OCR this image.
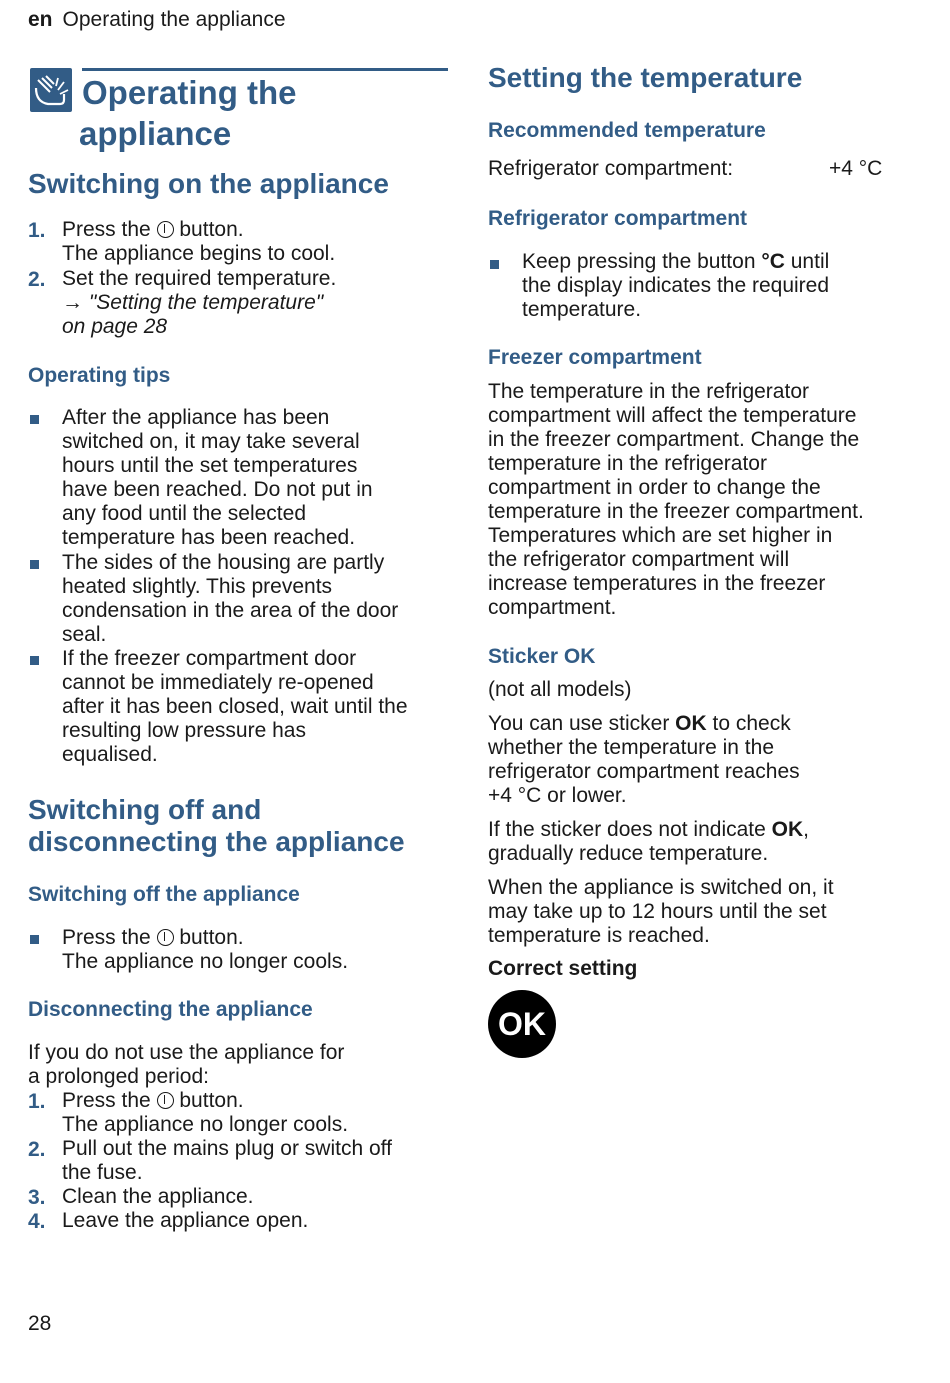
en Operating the appliance
Operating the
appliance
Switching on the appliance
1. Press the  button.
The appliance begins to cool.
2. Set the required temperature.
→ "Setting the temperature"
on page 28
Operating tips
After the appliance has been
switched on, it may take several
hours until the set temperatures
have been reached. Do not put in
any food until the selected
temperature has been reached.
The sides of the housing are partly
heated slightly. This prevents
condensation in the area of the door
seal.
If the freezer compartment door
cannot be immediately re-opened
after it has been closed, wait until the
resulting low pressure has
equalised.
Switching off and
disconnecting the appliance
Switching off the appliance
Press the  button.
The appliance no longer cools.
Disconnecting the appliance
If you do not use the appliance for
a prolonged period:
1. Press the  button.
The appliance no longer cools.
2. Pull out the mains plug or switch off
the fuse.
3. Clean the appliance.
4. Leave the appliance open.
Setting the temperature
Recommended temperature
Refrigerator compartment:	+4 °C
Refrigerator compartment
Keep pressing the button °C until
the display indicates the required
temperature.
Freezer compartment
The temperature in the refrigerator
compartment will affect the temperature
in the freezer compartment. Change the
temperature in the refrigerator
compartment in order to change the
temperature in the freezer compartment.
Temperatures which are set higher in
the refrigerator compartment will
increase temperatures in the freezer
compartment.
Sticker OK
(not all models)
You can use sticker OK to check
whether the temperature in the
refrigerator compartment reaches
+4 °C or lower.
If the sticker does not indicate OK,
gradually reduce temperature.
When the appliance is switched on, it
may take up to 12 hours until the set
temperature is reached.
Correct setting
OK
28
